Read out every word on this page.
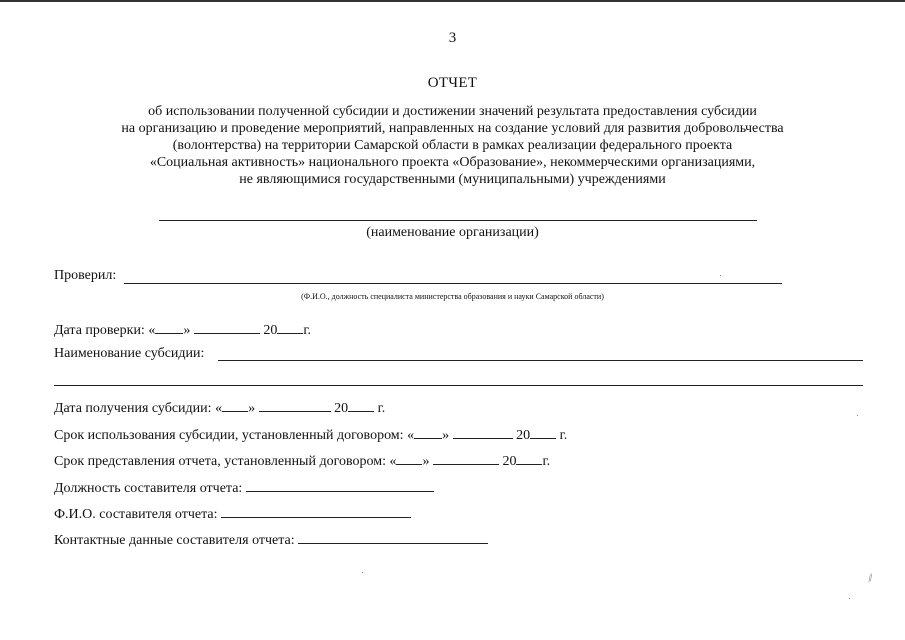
3
ОТЧЕТ
об использовании полученной субсидии и достижении значений результата предоставления субсидии
на организацию и проведение мероприятий, направленных на создание условий для развития добровольчества
(волонтерства) на территории Самарской области в рамках реализации федерального проекта
«Социальная активность» национального проекта «Образование», некоммерческими организациями,
не являющимися государственными (муниципальными) учреждениями
(наименование организации)
Проверил:
(Ф.И.О., должность специалиста министерства образования и науки Самарской области)
Дата проверки: « »	20 г.
Наименование субсидии:
Дата получения субсидии: « »	20 г.
Срок использования субсидии, установленный договором: « »	20 г.
Срок представления отчета, установленный договором: « »	20 г.
Должность составителя отчета:
Ф.И.О. составителя отчета:
Контактные данные составителя отчета:
⁄⁄
